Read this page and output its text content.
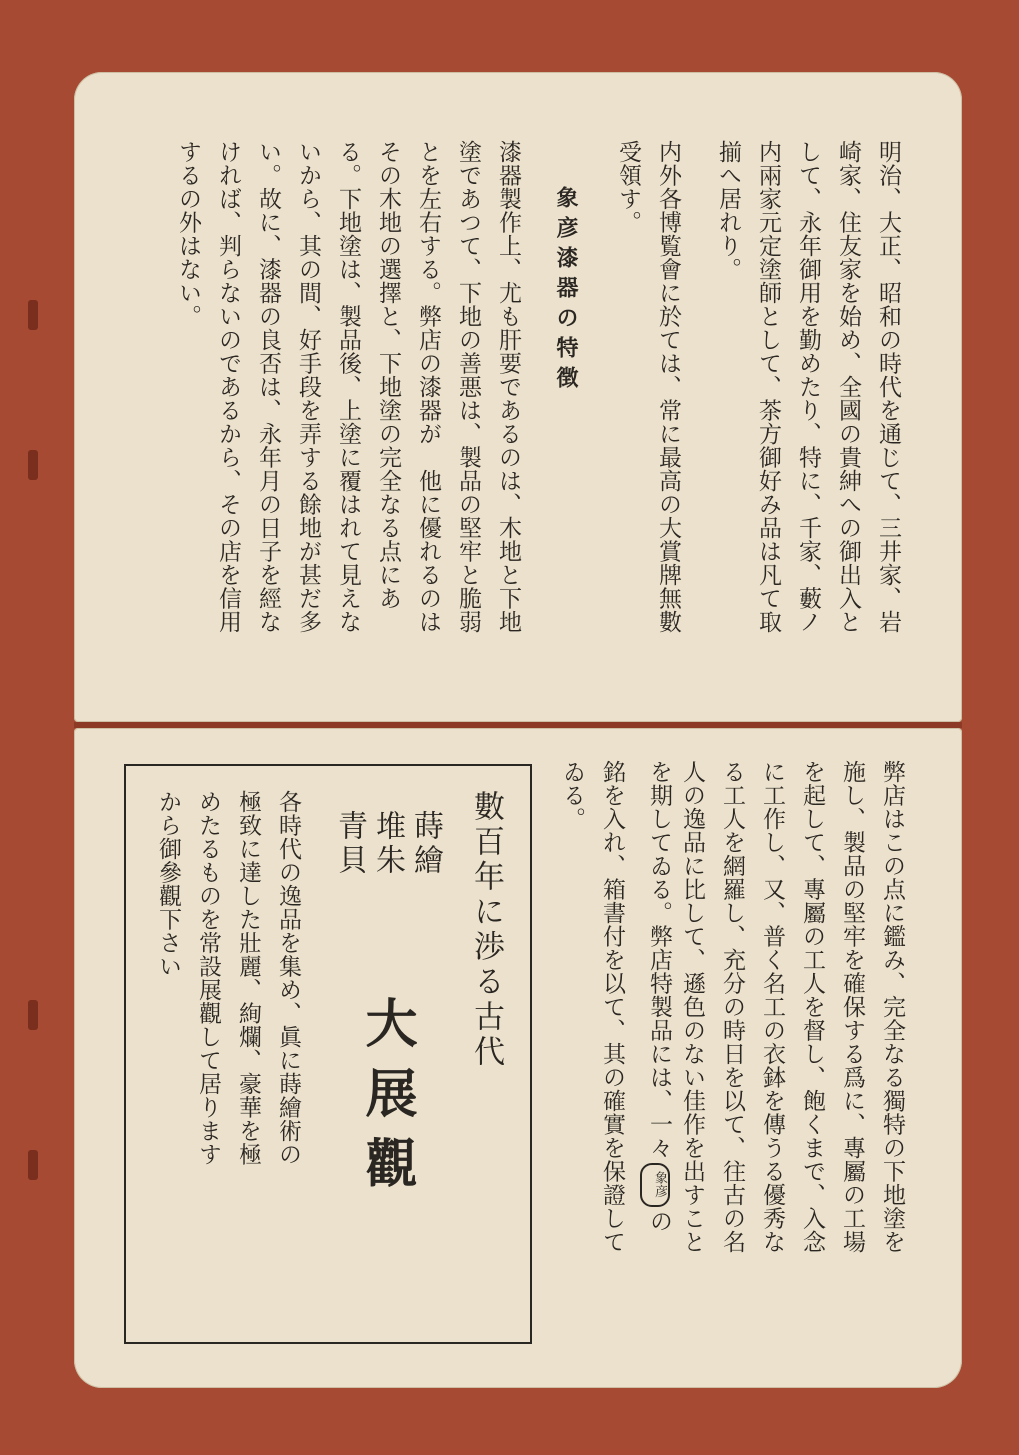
明治、大正、昭和の時代を通じて、三井家、岩
崎家、住友家を始め、全國の貴紳への御出入と
して、永年御用を勤めたり、特に、千家、藪ノ
内兩家元定塗師として、茶方御好み品は凡て取
揃へ居れり。
内外各博覧會に於ては、常に最高の大賞牌無數
受領す。
象彦漆器の特徴
漆器製作上、尤も肝要であるのは、木地と下地
塗であつて、下地の善悪は、製品の堅牢と脆弱
とを左右する。弊店の漆器が　他に優れるのは
その木地の選擇と、下地塗の完全なる点にあ
る。下地塗は、製品後、上塗に覆はれて見えな
いから、其の間、好手段を弄する餘地が甚だ多
い。故に、漆器の良否は、永年月の日子を經な
ければ、判らないのであるから、その店を信用
するの外はない。
弊店はこの点に鑑み、完全なる獨特の下地塗を
施し、製品の堅牢を確保する爲に、專屬の工場
を起して、專屬の工人を督し、飽くまで、入念
に工作し、又、普く名工の衣鉢を傳うる優秀な
る工人を網羅し、充分の時日を以て、往古の名
人の逸品に比して、遜色のない佳作を出すこと
を期してゐる。弊店特製品には、一々象彦の
銘を入れ、箱書付を以て、其の確實を保證して
ゐる。
數百年に渉る古代
蒔繪
堆朱
青貝
大展觀
各時代の逸品を集め、眞に蒔繪術の
極致に達した壯麗、絢爛、豪華を極
めたるものを常設展觀して居ります
から御參觀下さい
